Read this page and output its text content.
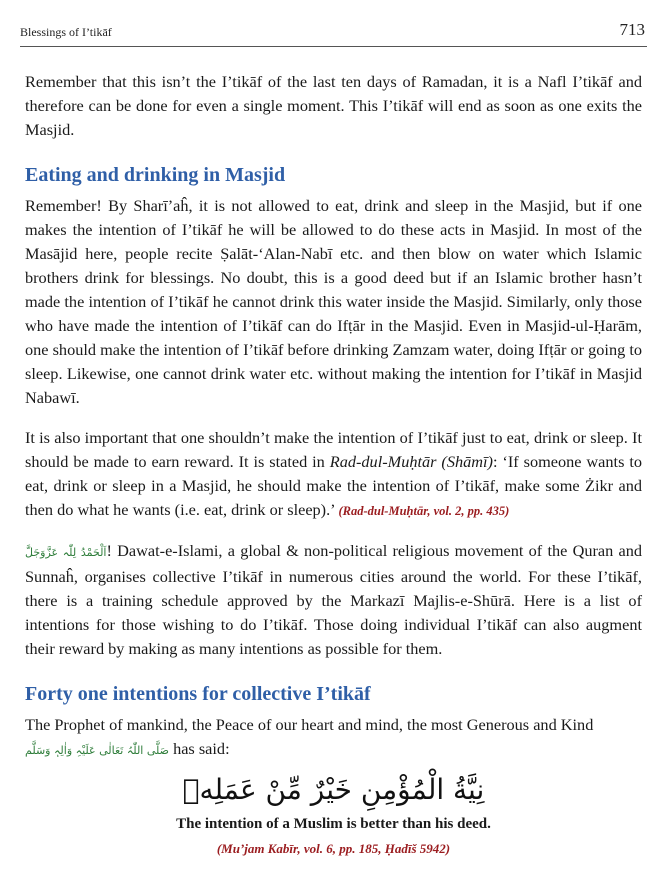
Blessings of I’tikāf	713

Remember that this isn’t the I’tikāf of the last ten days of Ramadan, it is a Nafl I’tikāf and therefore can be done for even a single moment. This I’tikāf will end as soon as one exits the Masjid.

Eating and drinking in Masjid

Remember! By Sharī’aĥ, it is not allowed to eat, drink and sleep in the Masjid, but if one makes the intention of I’tikāf he will be allowed to do these acts in Masjid. In most of the Masājid here, people recite Ṣalāt-‘Alan-Nabī etc. and then blow on water which Islamic brothers drink for blessings. No doubt, this is a good deed but if an Islamic brother hasn’t made the intention of I’tikāf he cannot drink this water inside the Masjid. Similarly, only those who have made the intention of I’tikāf can do Ifṭār in the Masjid. Even in Masjid-ul-Ḥarām, one should make the intention of I’tikāf before drinking Zamzam water, doing Ifṭār or going to sleep. Likewise, one cannot drink water etc. without making the intention for I’tikāf in Masjid Nabawī.

It is also important that one shouldn’t make the intention of I’tikāf just to eat, drink or sleep. It should be made to earn reward. It is stated in Rad-dul-Muḥtār (Shāmī): ‘If someone wants to eat, drink or sleep in a Masjid, he should make the intention of I’tikāf, make some Żikr and then do what he wants (i.e. eat, drink or sleep).’ (Rad-dul-Muḥtār, vol. 2, pp. 435)

اَلْحَمْدُ لِلّٰہ عَزَّوَجَلَّ! Dawat-e-Islami, a global & non-political religious movement of the Quran and Sunnaĥ, organises collective I’tikāf in numerous cities around the world. For these I’tikāf, there is a training schedule approved by the Markazī Majlis-e-Shūrā. Here is a list of intentions for those wishing to do I’tikāf. Those doing individual I’tikāf can also augment their reward by making as many intentions as possible for them.

Forty one intentions for collective I’tikāf

The Prophet of mankind, the Peace of our heart and mind, the most Generous and Kind
صَلَّی اللّٰہُ تَعَالٰی عَلَیْہِ وَاٰلِہٖ وَسَلَّم has said:

نِيَّةُ الْمُؤْمِنِ خَيْرٌ مِّنْ عَمَلِهٖ
The intention of a Muslim is better than his deed.
(Mu’jam Kabīr, vol. 6, pp. 185, Ḥadīš 5942)
